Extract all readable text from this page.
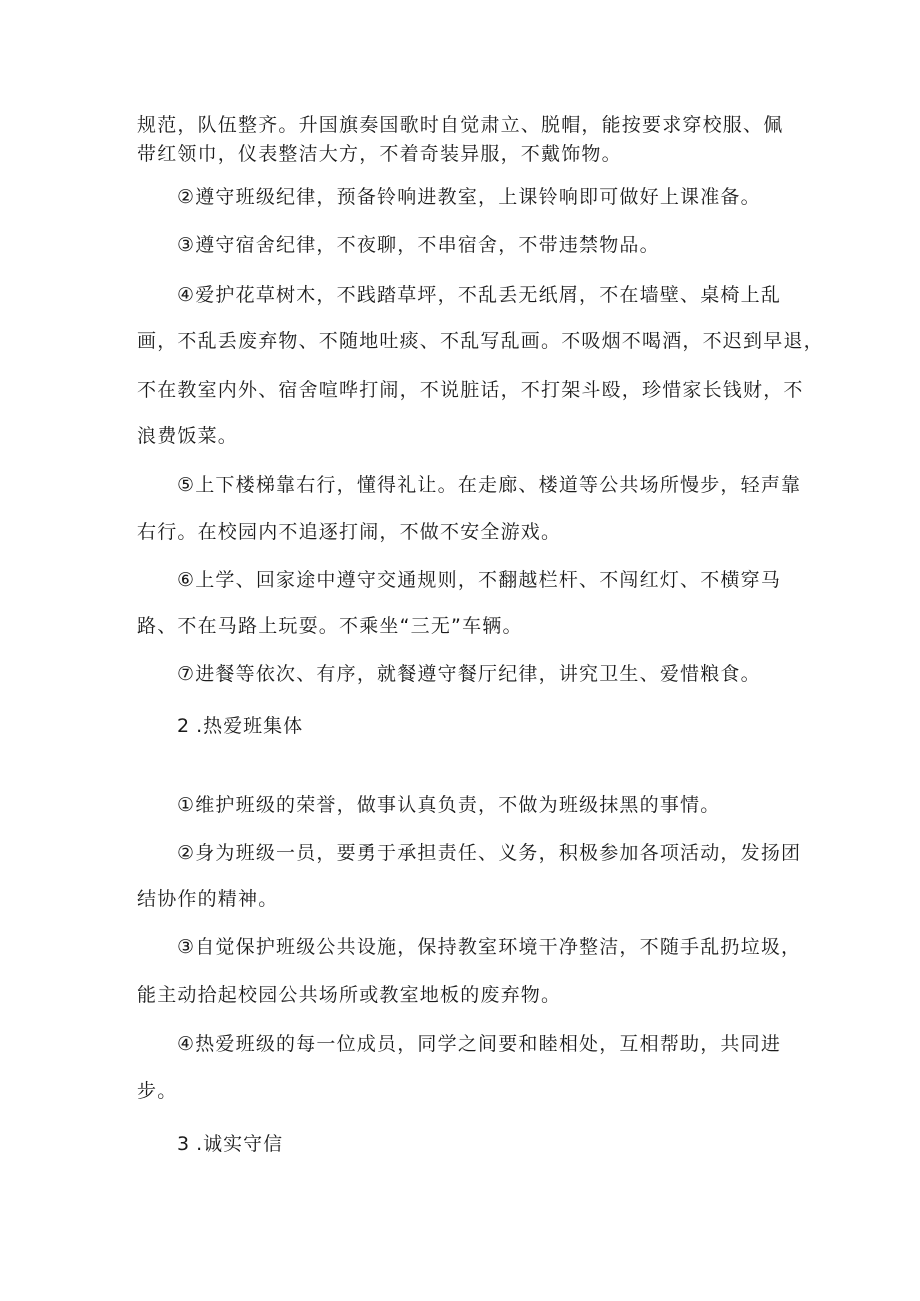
规范，队伍整齐。升国旗奏国歌时自觉肃立、脱帽，能按要求穿校服、佩
带红领巾，仪表整洁大方，不着奇装异服，不戴饰物。
②遵守班级纪律，预备铃响进教室，上课铃响即可做好上课准备。
③遵守宿舍纪律，不夜聊，不串宿舍，不带违禁物品。
④爱护花草树木，不践踏草坪，不乱丢无纸屑，不在墙壁、桌椅上乱
画，不乱丢废弃物、不随地吐痰、不乱写乱画。不吸烟不喝酒，不迟到早退，
不在教室内外、宿舍喧哗打闹，不说脏话，不打架斗殴，珍惜家长钱财，不
浪费饭菜。
⑤上下楼梯靠右行，懂得礼让。在走廊、楼道等公共场所慢步，轻声靠
右行。在校园内不追逐打闹，不做不安全游戏。
⑥上学、回家途中遵守交通规则，不翻越栏杆、不闯红灯、不横穿马
路、不在马路上玩耍。不乘坐“三无”车辆。
⑦进餐等依次、有序，就餐遵守餐厅纪律，讲究卫生、爱惜粮食。
2 .热爱班集体
①维护班级的荣誉，做事认真负责，不做为班级抹黑的事情。
②身为班级一员，要勇于承担责任、义务，积极参加各项活动，发扬团
结协作的精神。
③自觉保护班级公共设施，保持教室环境干净整洁，不随手乱扔垃圾，
能主动拾起校园公共场所或教室地板的废弃物。
④热爱班级的每一位成员，同学之间要和睦相处，互相帮助，共同进
步。
3 .诚实守信
